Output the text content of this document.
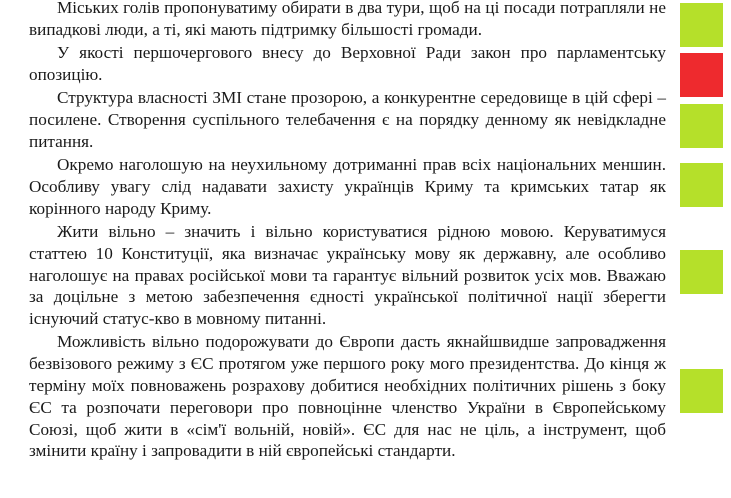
Міських голів пропонуватиму обирати в два тури, щоб на ці посади потрапляли не випадкові люди, а ті, які мають підтримку більшості громади.

У якості першочергового внесу до Верховної Ради закон про парламентську опозицію.

Структура власності ЗМІ стане прозорою, а конкурентне середовище в цій сфері – посилене. Створення суспільного телебачення є на порядку денному як невідкладне питання.

Окремо наголошую на неухильному дотриманні прав всіх національних меншин. Особливу увагу слід надавати захисту українців Криму та кримських татар як корінного народу Криму.

Жити вільно – значить і вільно користуватися рідною мовою. Керуватимуся статтею 10 Конституції, яка визначає українську мову як державну, але особливо наголошує на правах російської мови та гарантує вільний розвиток усіх мов. Вважаю за доцільне з метою забезпечення єдності української політичної нації зберегти існуючий статус-кво в мовному питанні.

Можливість вільно подорожувати до Європи дасть якнайшвидше запровадження безвізового режиму з ЄС протягом уже першого року мого президентства. До кінця ж терміну моїх повноважень розрахову добитися необхідних політичних рішень з боку ЄС та розпочати переговори про повноцінне членство України в Європейському Союзі, щоб жити в «сім'ї вольній, новій». ЄС для нас не ціль, а інструмент, щоб змінити країну і запровадити в ній європейські стандарти.
